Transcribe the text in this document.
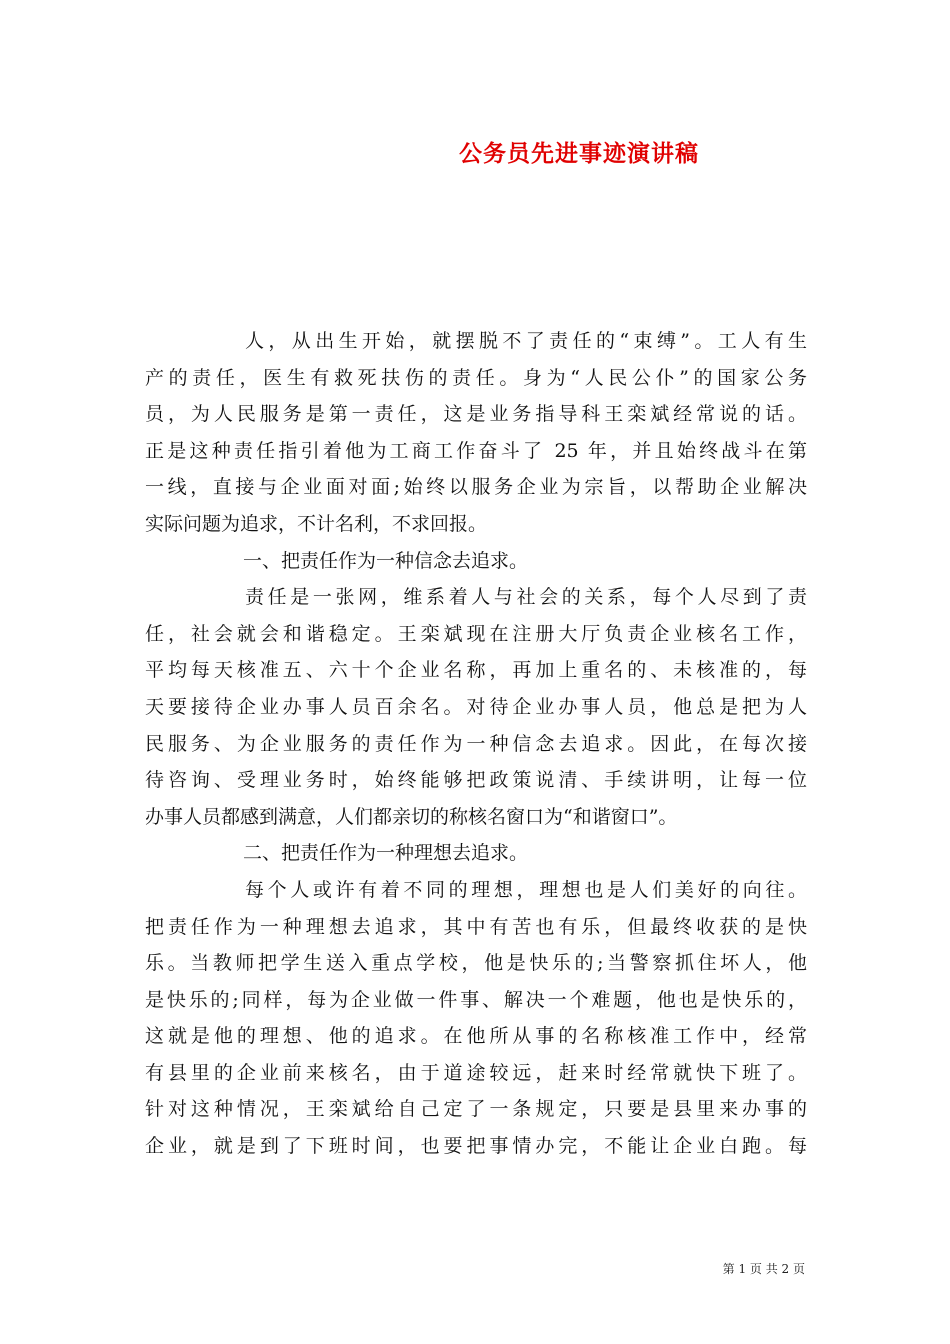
公务员先进事迹演讲稿
人，从出生开始，就摆脱不了责任的“束缚”。工人有生
产的责任，医生有救死扶伤的责任。身为“人民公仆”的国家公务
员，为人民服务是第一责任，这是业务指导科王栾斌经常说的话。
正是这种责任指引着他为工商工作奋斗了 25 年，并且始终战斗在第
一线，直接与企业面对面;始终以服务企业为宗旨，以帮助企业解决
实际问题为追求，不计名利，不求回报。
一、把责任作为一种信念去追求。
责任是一张网，维系着人与社会的关系，每个人尽到了责
任，社会就会和谐稳定。王栾斌现在注册大厅负责企业核名工作，
平均每天核准五、六十个企业名称，再加上重名的、未核准的，每
天要接待企业办事人员百余名。对待企业办事人员，他总是把为人
民服务、为企业服务的责任作为一种信念去追求。因此，在每次接
待咨询、受理业务时，始终能够把政策说清、手续讲明，让每一位
办事人员都感到满意，人们都亲切的称核名窗口为“和谐窗口”。
二、把责任作为一种理想去追求。
每个人或许有着不同的理想，理想也是人们美好的向往。
把责任作为一种理想去追求，其中有苦也有乐，但最终收获的是快
乐。当教师把学生送入重点学校，他是快乐的;当警察抓住坏人，他
是快乐的;同样，每为企业做一件事、解决一个难题，他也是快乐的，
这就是他的理想、他的追求。在他所从事的名称核准工作中，经常
有县里的企业前来核名，由于道途较远，赶来时经常就快下班了。
针对这种情况，王栾斌给自己定了一条规定，只要是县里来办事的
企业，就是到了下班时间，也要把事情办完，不能让企业白跑。每
第 1 页 共 2 页
